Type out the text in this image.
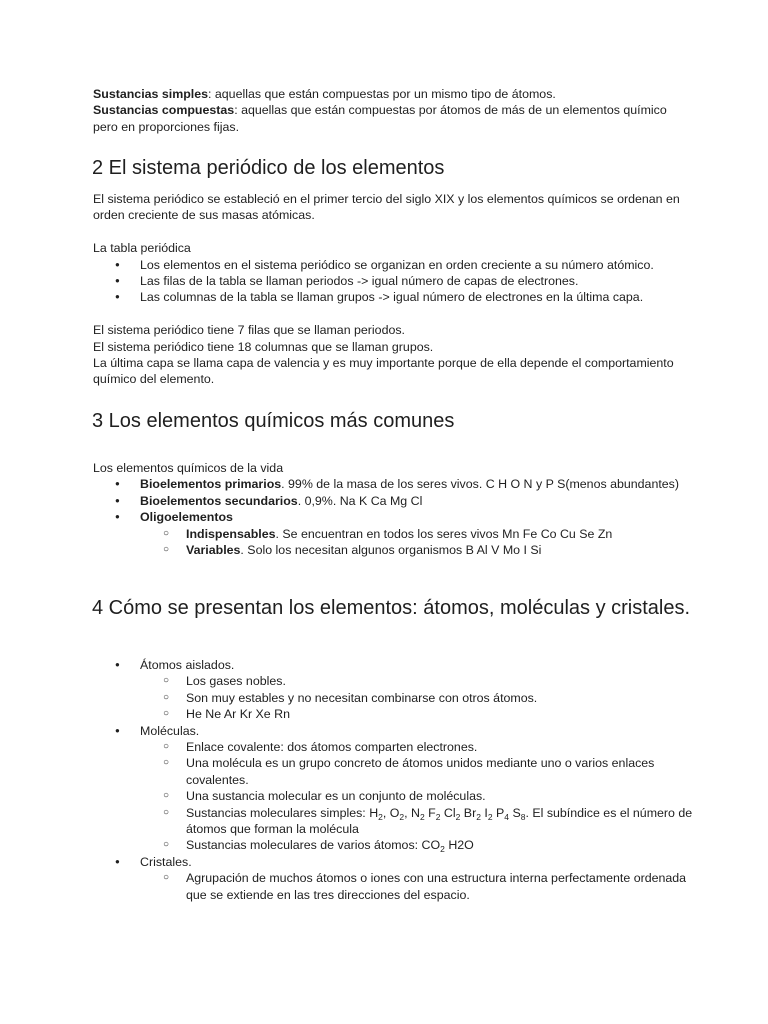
Sustancias simples: aquellas que están compuestas por un mismo tipo de átomos.

Sustancias compuestas: aquellas que están compuestas por átomos de más de un elementos químico pero en proporciones fijas.

2 El sistema periódico de los elementos

El sistema periódico se estableció en el primer tercio del siglo XIX y los elementos químicos se ordenan en orden creciente de sus masas atómicas.

La tabla periódica

● Los elementos en el sistema periódico se organizan en orden creciente a su número atómico.
● Las filas de la tabla se llaman periodos -> igual número de capas de electrones.
● Las columnas de la tabla se llaman grupos -> igual número de electrones en la última capa.

El sistema periódico tiene 7 filas que se llaman periodos.

El sistema periódico tiene 18 columnas que se llaman grupos.

La última capa se llama capa de valencia y es muy importante porque de ella depende el comportamiento químico del elemento.

3 Los elementos químicos más comunes

Los elementos químicos de la vida

● Bioelementos primarios. 99% de la masa de los seres vivos. C H O N y P S(menos abundantes)
● Bioelementos secundarios. 0,9%. Na K Ca Mg Cl
● Oligoelementos
○ Indispensables. Se encuentran en todos los seres vivos Mn Fe Co Cu Se Zn
○ Variables. Solo los necesitan algunos organismos B Al V Mo I Si
4 Cómo se presentan los elementos: átomos, moléculas y cristales.
● Átomos aislados.
○ Los gases nobles.
○ Son muy estables y no necesitan combinarse con otros átomos.
○ He Ne Ar Kr Xe Rn
● Moléculas.
○ Enlace covalente: dos átomos comparten electrones.
○ Una molécula es un grupo concreto de átomos unidos mediante uno o varios enlaces covalentes.
○ Una sustancia molecular es un conjunto de moléculas.
○ Sustancias moleculares simples: $H_2$, $O_2$, $N_2$ $F_2$ $Cl_2$ $Br_2$ $I_2$ $P_4$ $S_8$. El subíndice es el número de átomos que forman la molécula
○ Sustancias moleculares de varios átomos: $CO_2$ H2O
● Cristales.
○ Agrupación de muchos átomos o iones con una estructura interna perfectamente ordenada que se extiende en las tres direcciones del espacio.
